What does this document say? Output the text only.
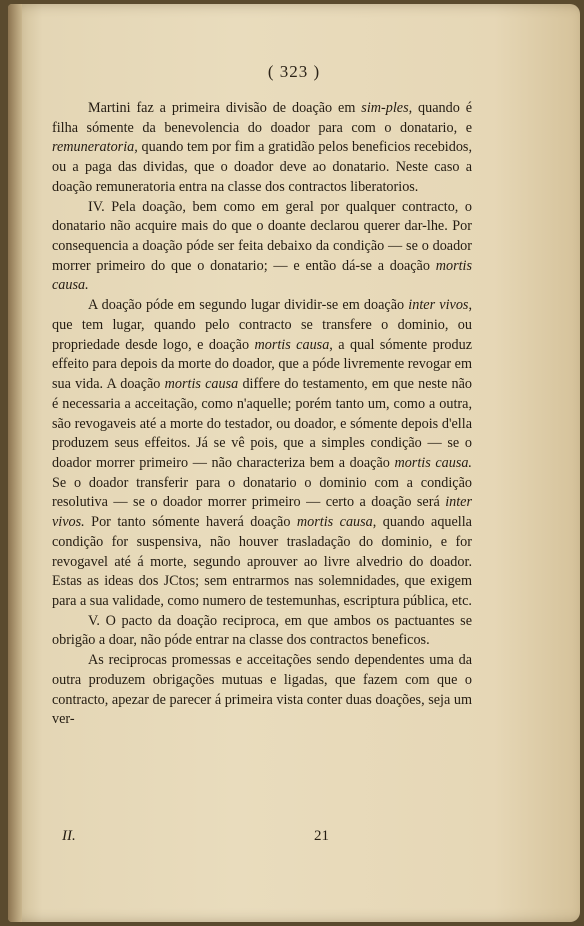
( 323 )

Martini faz a primeira divisão de doação em sim-ples, quando é filha sómente da benevolencia do doador para com o donatario, e remuneratoria, quando tem por fim a gratidão pelos beneficios recebidos, ou a paga das dividas, que o doador deve ao donatario. Neste caso a doação remuneratoria entra na classe dos contractos liberatorios.

IV. Pela doação, bem como em geral por qualquer contracto, o donatario não acquire mais do que o doante declarou querer dar-lhe. Por consequencia a doação póde ser feita debaixo da condição — se o doador morrer primeiro do que o donatario; — e então dá-se a doação mortis causa.

A doação póde em segundo lugar dividir-se em doação inter vivos, que tem lugar, quando pelo contracto se transfere o dominio, ou propriedade desde logo, e doação mortis causa, a qual sómente produz effeito para depois da morte do doador, que a póde livremente revogar em sua vida. A doação mortis causa differe do testamento, em que neste não é necessaria a acceitação, como n'aquelle; porém tanto um, como a outra, são revogaveis até a morte do testador, ou doador, e sómente depois d'ella produzem seus effeitos. Já se vê pois, que a simples condição — se o doador morrer primeiro — não characteriza bem a doação mortis causa. Se o doador transferir para o donatario o dominio com a condição resolutiva — se o doador morrer primeiro — certo a doação será inter vivos. Por tanto sómente haverá doação mortis causa, quando aquella condição for suspensiva, não houver trasladação do dominio, e for revogavel até á morte, segundo aprouver ao livre alvedrio do doador. Estas as ideas dos JCtos; sem entrarmos nas solemnidades, que exigem para a sua validade, como numero de testemunhas, escriptura pública, etc.

V. O pacto da doação reciproca, em que ambos os pactuantes se obrigão a doar, não póde entrar na classe dos contractos beneficos.

As reciprocas promessas e acceitações sendo dependentes uma da outra produzem obrigações mutuas e ligadas, que fazem com que o contracto, apezar de parecer á primeira vista conter duas doações, seja um ver-

II.	21
